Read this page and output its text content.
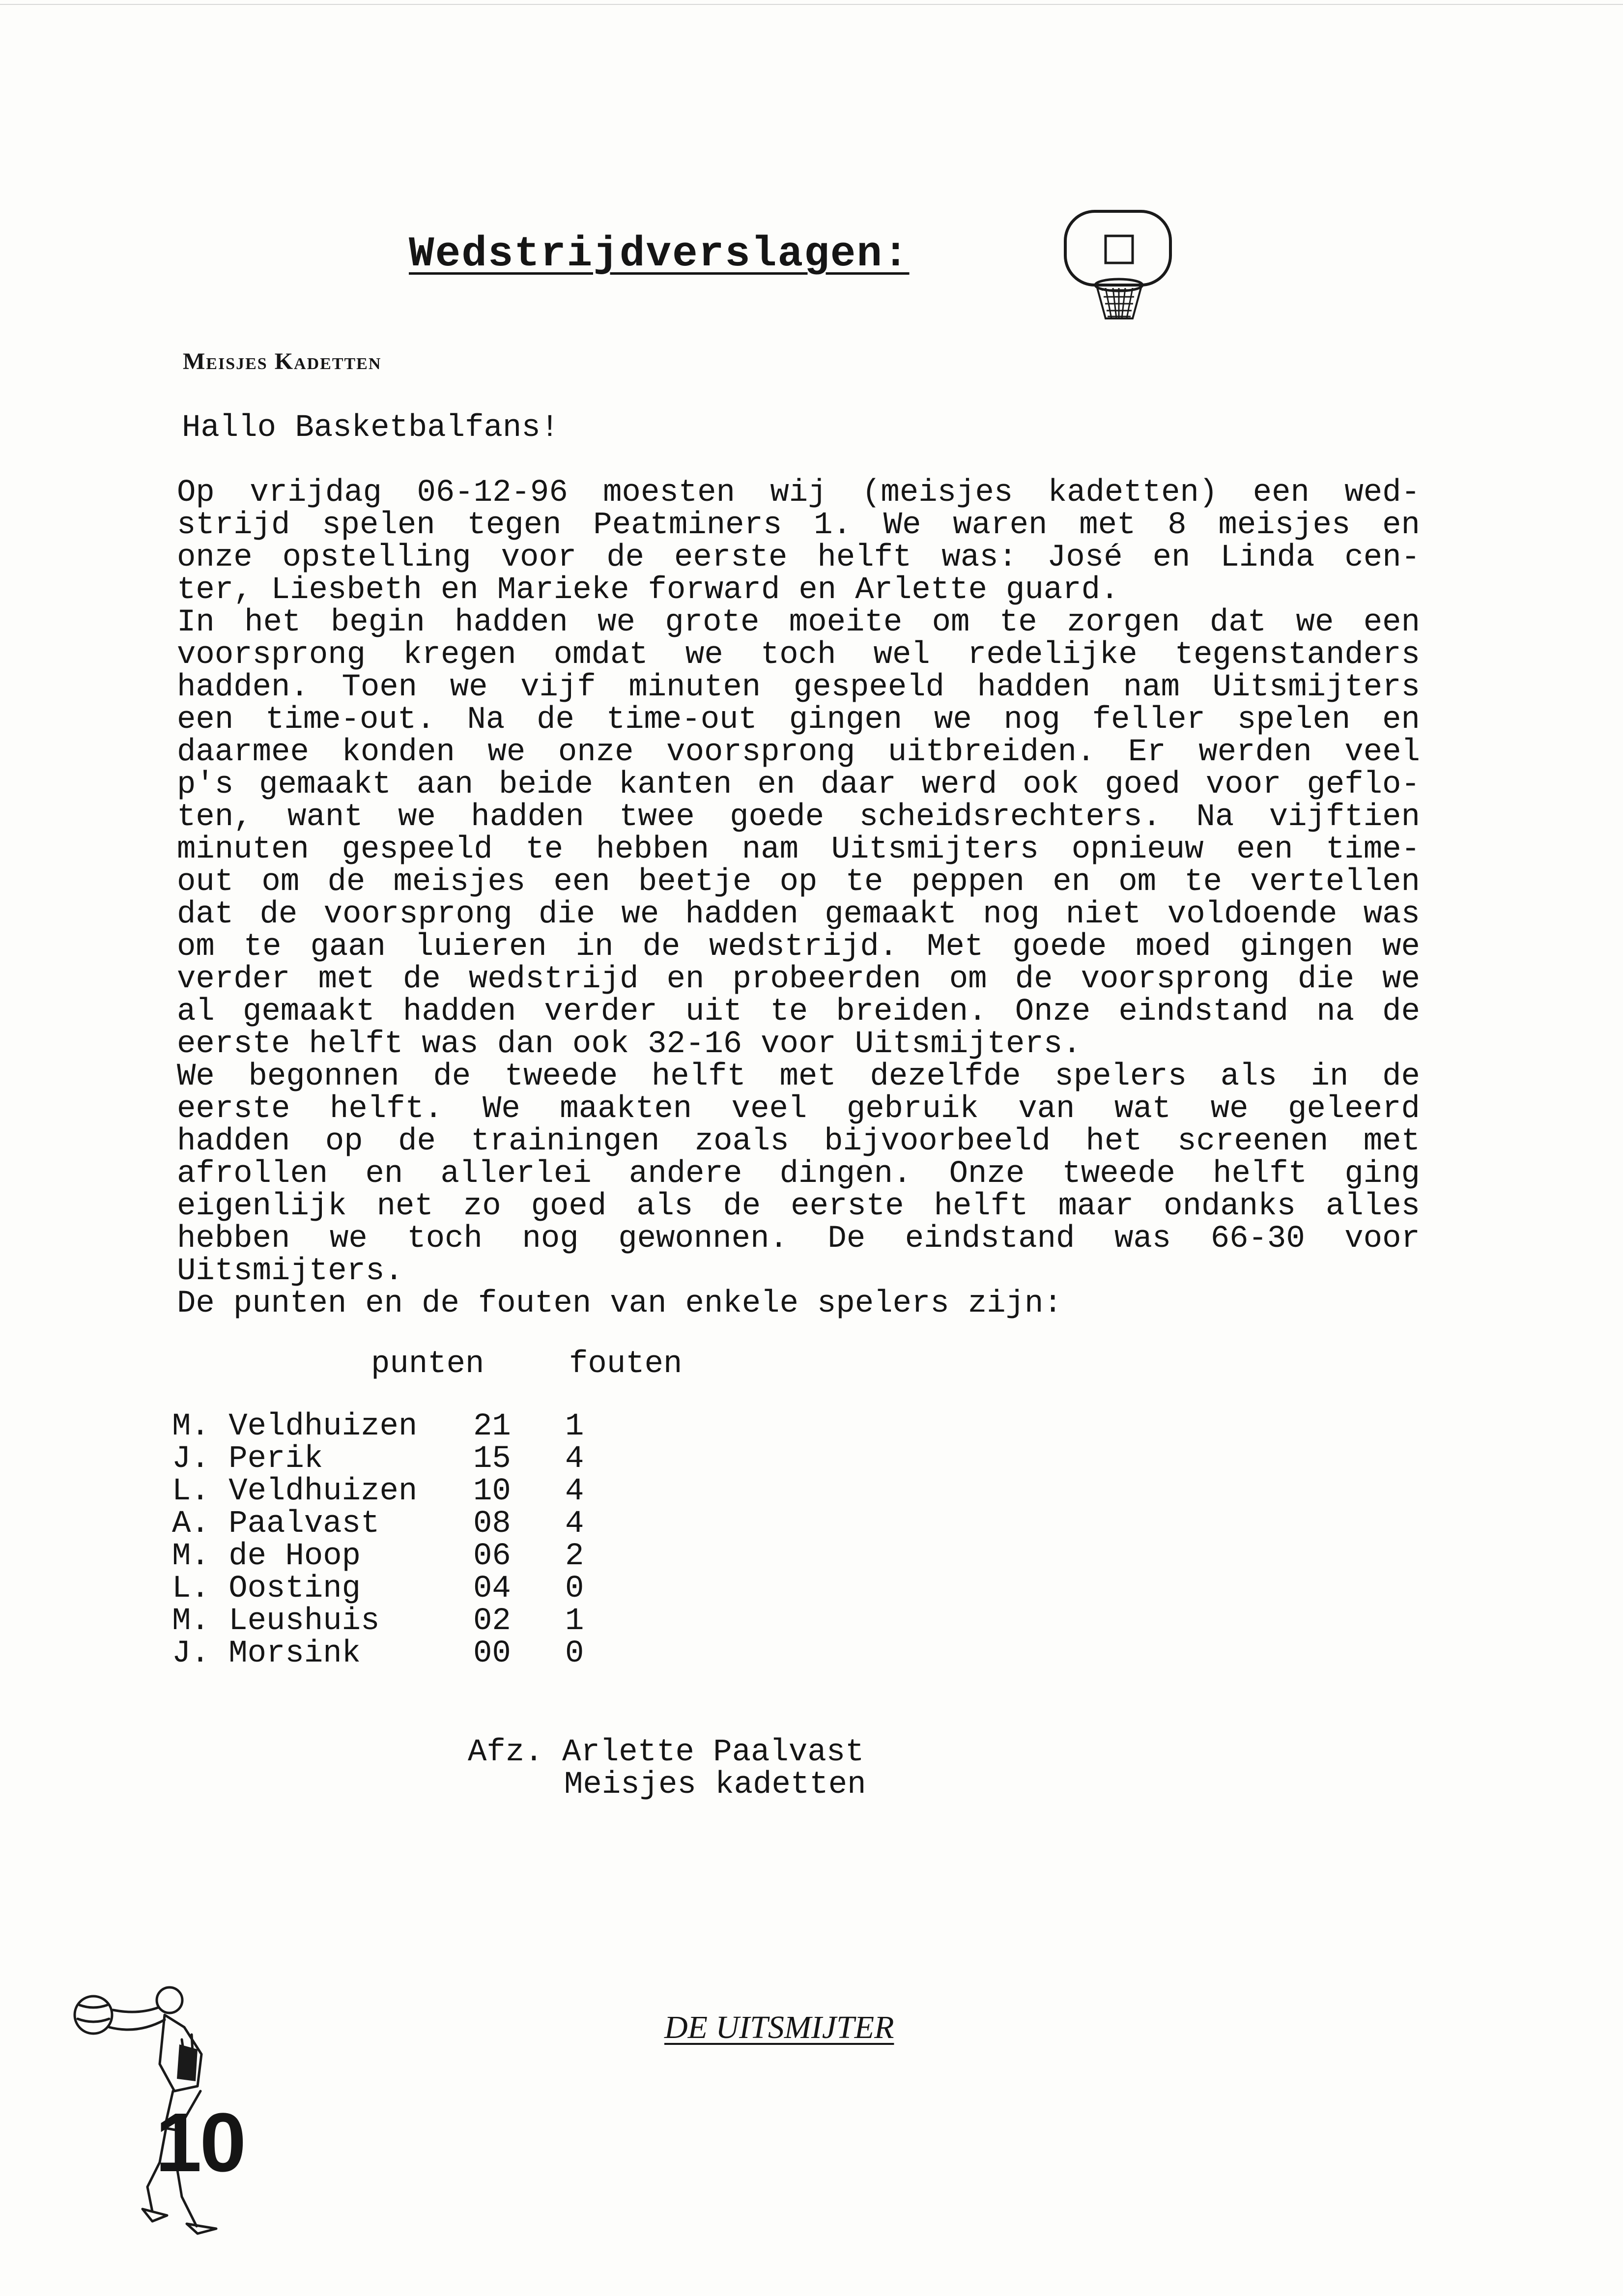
Wedstrijdverslagen:
Meisjes Kadetten
Hallo Basketbalfans!
Op vrijdag 06-12-96 moesten wij (meisjes kadetten) een wed-
strijd spelen tegen Peatminers 1. We waren met 8 meisjes en
onze opstelling voor de eerste helft was: José en Linda cen-
ter, Liesbeth en Marieke forward en Arlette guard.
In het begin hadden we grote moeite om te zorgen dat we een
voorsprong kregen omdat we toch wel redelijke tegenstanders
hadden. Toen we vijf minuten gespeeld hadden nam Uitsmijters
een time-out. Na de time-out gingen we nog feller spelen en
daarmee konden we onze voorsprong uitbreiden. Er werden veel
p's gemaakt aan beide kanten en daar werd ook goed voor geflo-
ten, want we hadden twee goede scheidsrechters. Na vijftien
minuten gespeeld te hebben nam Uitsmijters opnieuw een time-
out om de meisjes een beetje op te peppen en om te vertellen
dat de voorsprong die we hadden gemaakt nog niet voldoende was
om te gaan luieren in de wedstrijd. Met goede moed gingen we
verder met de wedstrijd en probeerden om de voorsprong die we
al gemaakt hadden verder uit te breiden. Onze eindstand na de
eerste helft was dan ook 32-16 voor Uitsmijters.
We begonnen de tweede helft met dezelfde spelers als in de
eerste helft. We maakten veel gebruik van wat we geleerd
hadden op de trainingen zoals bijvoorbeeld het screenen met
afrollen en allerlei andere dingen. Onze tweede helft ging
eigenlijk net zo goed als de eerste helft maar ondanks alles
hebben we toch nog gewonnen. De eindstand was 66-30 voor
Uitsmijters.
De punten en de fouten van enkele spelers zijn:
punten	fouten
M. Veldhuizen 21 1
J. Perik	15 4
L. Veldhuizen 10 4
A. Paalvast	08 4
M. de Hoop	06 2
L. Oosting	04 0
M. Leushuis	02 1
J. Morsink	00 0
Afz. Arlette Paalvast
Meisjes kadetten
DE UITSMIJTER
10
